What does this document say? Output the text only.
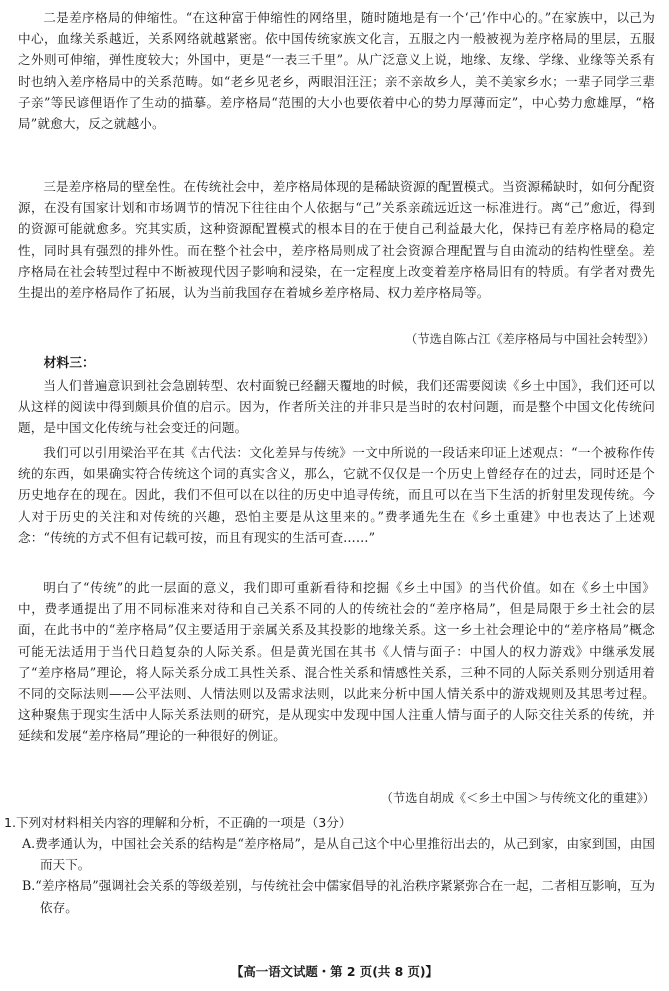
二是差序格局的伸缩性。“在这种富于伸缩性的网络里，随时随地是有一个‘己’作中心的。”在家族中，以己为中心，血缘关系越近，关系网络就越紧密。依中国传统家族文化言，五服之内一般被视为差序格局的里层，五服之外则可伸缩，弹性度较大；外国中，更是“一表三千里”。从广泛意义上说，地缘、友缘、学缘、业缘等关系有时也纳入差序格局中的关系范畴。如“老乡见老乡，两眼泪汪汪；亲不亲故乡人，美不美家乡水；一辈子同学三辈子亲”等民谚俚语作了生动的描摹。差序格局“范围的大小也要依着中心的势力厚薄而定”，中心势力愈雄厚，“格局”就愈大，反之就越小。

三是差序格局的壁垒性。在传统社会中，差序格局体现的是稀缺资源的配置模式。当资源稀缺时，如何分配资源，在没有国家计划和市场调节的情况下往往由个人依据与“己”关系亲疏远近这一标准进行。离“己”愈近，得到的资源可能就愈多。究其实质，这种资源配置模式的根本目的在于使自己利益最大化，保持已有差序格局的稳定性，同时具有强烈的排外性。而在整个社会中，差序格局则成了社会资源合理配置与自由流动的结构性壁垒。差序格局在社会转型过程中不断被现代因子影响和浸染，在一定程度上改变着差序格局旧有的特质。有学者对费先生提出的差序格局作了拓展，认为当前我国存在着城乡差序格局、权力差序格局等。

（节选自陈占江《差序格局与中国社会转型》）

材料三：

当人们普遍意识到社会急剧转型、农村面貌已经翻天覆地的时候，我们还需要阅读《乡土中国》，我们还可以从这样的阅读中得到颇具价值的启示。因为，作者所关注的并非只是当时的农村问题，而是整个中国文化传统问题，是中国文化传统与社会变迁的问题。

我们可以引用梁治平在其《古代法：文化差异与传统》一文中所说的一段话来印证上述观点：“一个被称作传统的东西，如果确实符合传统这个词的真实含义，那么，它就不仅仅是一个历史上曾经存在的过去，同时还是个历史地存在的现在。因此，我们不但可以在以往的历史中追寻传统，而且可以在当下生活的折射里发现传统。今人对于历史的关注和对传统的兴趣，恐怕主要是从这里来的。”费孝通先生在《乡土重建》中也表达了上述观念：“传统的方式不但有记载可按，而且有现实的生活可查……”

明白了“传统”的此一层面的意义，我们即可重新看待和挖掘《乡土中国》的当代价值。如在《乡土中国》中，费孝通提出了用不同标准来对待和自己关系不同的人的传统社会的“差序格局”，但是局限于乡土社会的层面，在此书中的“差序格局”仅主要适用于亲属关系及其投影的地缘关系。这一乡土社会理论中的“差序格局”概念可能无法适用于当代日趋复杂的人际关系。但是黄光国在其书《人情与面子：中国人的权力游戏》中继承发展了“差序格局”理论，将人际关系分成工具性关系、混合性关系和情感性关系，三种不同的人际关系则分别适用着不同的交际法则——公平法则、人情法则以及需求法则，以此来分析中国人情关系中的游戏规则及其思考过程。这种聚焦于现实生活中人际关系法则的研究，是从现实中发现中国人注重人情与面子的人际交往关系的传统，并延续和发展“差序格局”理论的一种很好的例证。

（节选自胡成《＜乡土中国＞与传统文化的重建》）

1.下列对材料相关内容的理解和分析，不正确的一项是（3分）

A.费孝通认为，中国社会关系的结构是“差序格局”，是从自己这个中心里推衍出去的，从己到家，由家到国，由国而天下。

B.“差序格局”强调社会关系的等级差别，与传统社会中儒家倡导的礼治秩序紧紧弥合在一起，二者相互影响，互为依存。

【高一语文试题・第 2 页(共 8 页)】
